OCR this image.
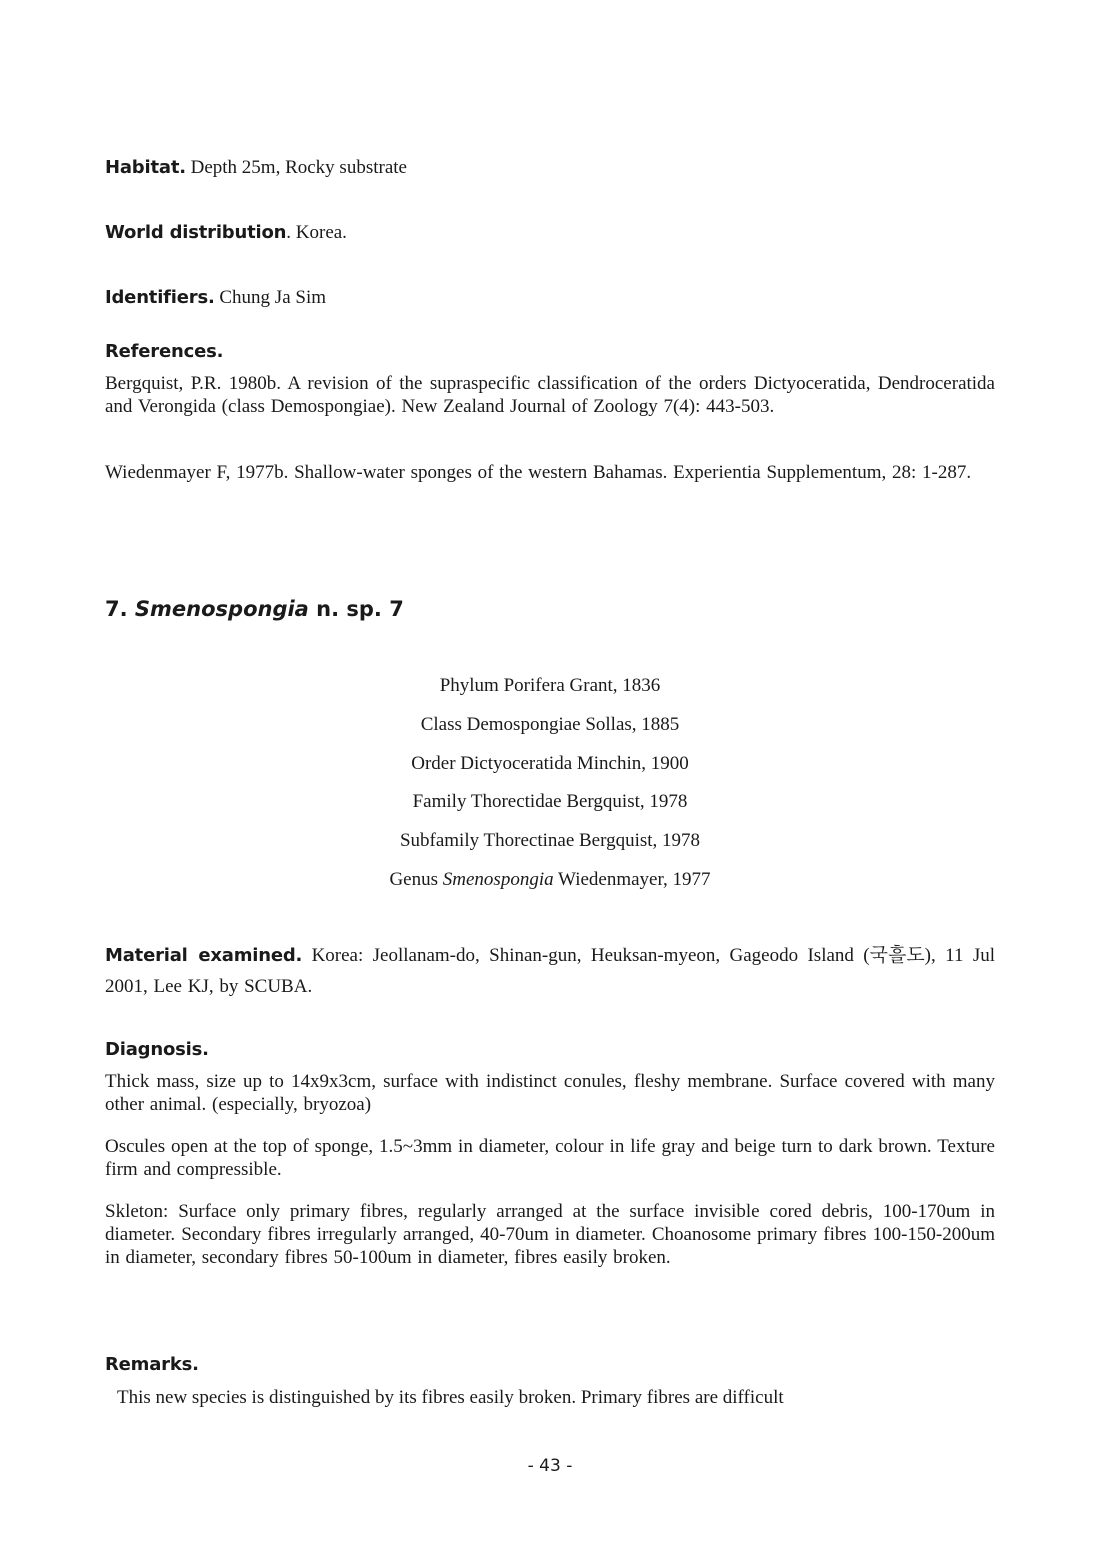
Habitat. Depth 25m, Rocky substrate
World distribution. Korea.
Identifiers. Chung Ja Sim
References.
Bergquist, P.R. 1980b. A revision of the supraspecific classification of the orders Dictyoceratida, Dendroceratida and Verongida (class Demospongiae). New Zealand Journal of Zoology 7(4): 443-503.
Wiedenmayer F, 1977b. Shallow-water sponges of the western Bahamas. Experientia Supplementum, 28: 1-287.
7. Smenospongia n. sp. 7
Phylum Porifera Grant, 1836
Class Demospongiae Sollas, 1885
Order Dictyoceratida Minchin, 1900
Family Thorectidae Bergquist, 1978
Subfamily Thorectinae Bergquist, 1978
Genus Smenospongia Wiedenmayer, 1977
Material examined. Korea: Jeollanam-do, Shinan-gun, Heuksan-myeon, Gageodo Island (국흘도), 11 Jul 2001, Lee KJ, by SCUBA.
Diagnosis.
Thick mass, size up to 14x9x3cm, surface with indistinct conules, fleshy membrane. Surface covered with many other animal. (especially, bryozoa)
Oscules open at the top of sponge, 1.5~3mm in diameter, colour in life gray and beige turn to dark brown. Texture firm and compressible.
Skleton: Surface only primary fibres, regularly arranged at the surface invisible cored debris, 100-170um in diameter. Secondary fibres irregularly arranged, 40-70um in diameter. Choanosome primary fibres 100-150-200um in diameter, secondary fibres 50-100um in diameter, fibres easily broken.
Remarks.
This new species is distinguished by its fibres easily broken. Primary fibres are difficult
- 43 -
